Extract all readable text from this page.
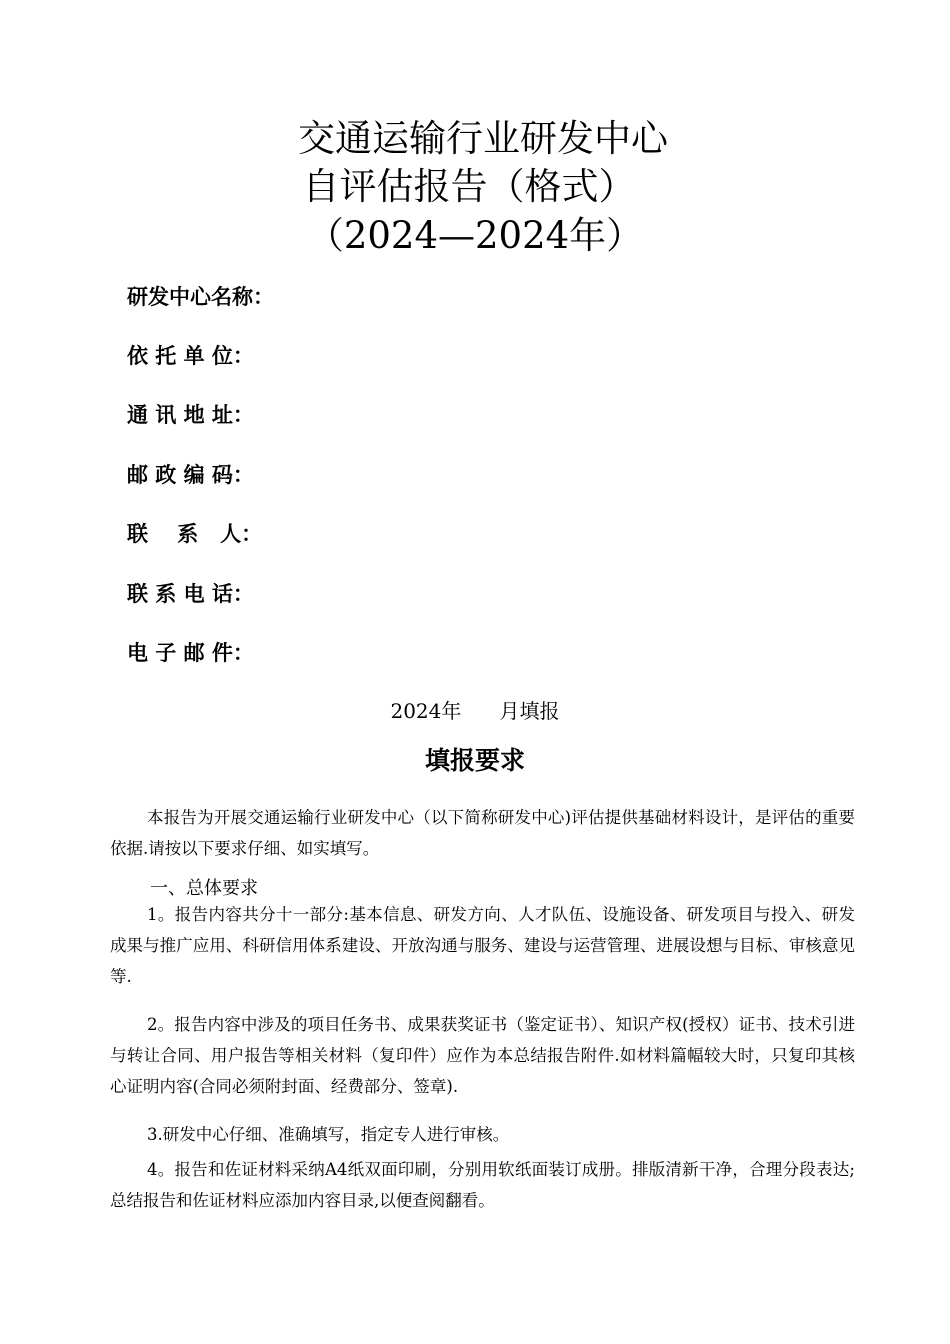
交通运输行业研发中心
自评估报告（格式）
（2024—2024年）
研发中心名称：
依 托 单 位：
通 讯 地 址：
邮 政 编 码：
联    系   人：
联 系 电 话：
电 子 邮 件：
2024年      月填报
填报要求

本报告为开展交通运输行业研发中心（以下简称研发中心)评估提供基础材料设计，是评估的重要依据.请按以下要求仔细、如实填写。

一、总体要求

1。报告内容共分十一部分:基本信息、研发方向、人才队伍、设施设备、研发项目与投入、研发成果与推广应用、科研信用体系建设、开放沟通与服务、建设与运营管理、进展设想与目标、审核意见等.

2。报告内容中涉及的项目任务书、成果获奖证书（鉴定证书）、知识产权(授权）证书、技术引进与转让合同、用户报告等相关材料（复印件）应作为本总结报告附件.如材料篇幅较大时，只复印其核心证明内容(合同必须附封面、经费部分、签章).

3.研发中心仔细、准确填写，指定专人进行审核。

4。报告和佐证材料采纳A4纸双面印刷，分别用软纸面装订成册。排版清新干净，合理分段表达;总结报告和佐证材料应添加内容目录,以便查阅翻看。
